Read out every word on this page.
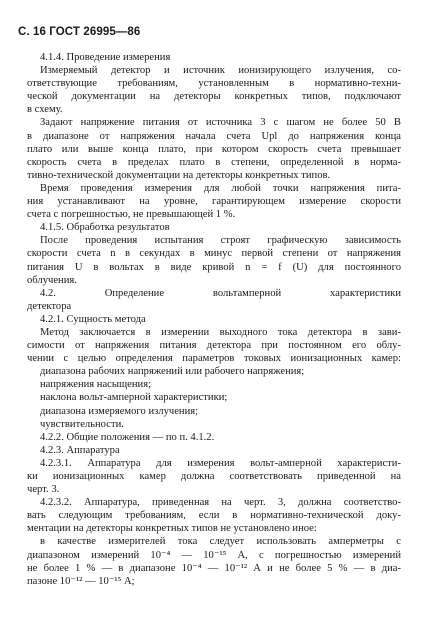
С. 16 ГОСТ 26995—86
4.1.4. Проведение измерения
Измеряемый детектор и источник ионизирующего излучения, со-
ответствующие требованиям, установленным в нормативно-техни-
ческой документации на детекторы конкретных типов, подключают
в схему.
Задают напряжение питания от источника 3 с шагом не более 50 В
в диапазоне от напряжения начала счета Upl до напряжения конца
плато или выше конца плато, при котором скорость счета превышает
скорость счета в пределах плато в степени, определенной в норма-
тивно-технической документации на детекторы конкретных типов.
Время проведения измерения для любой точки напряжения пита-
ния устанавливают на уровне, гарантирующем измерение скорости
счета с погрешностью, не превышающей 1 %.
4.1.5. Обработка результатов
После проведения испытания строят графическую зависимость
скорости счета n в секундах в минус первой степени от напряжения
питания U в вольтах в виде кривой n = f (U) для постоянного
облучения.
4.2. Определение вольтамперной характеристики
детектора
4.2.1. Сущность метода
Метод заключается в измерении выходного тока детектора в зави-
симости от напряжения питания детектора при постоянном его облу-
чении с целью определения параметров токовых ионизационных камер:
диапазона рабочих напряжений или рабочего напряжения;
напряжения насыщения;
наклона вольт-амперной характеристики;
диапазона измеряемого излучения;
чувствительности.
4.2.2. Общие положения — по п. 4.1.2.
4.2.3. Аппаратура
4.2.3.1. Аппаратура для измерения вольт-амперной характеристи-
ки ионизационных камер должна соответствовать приведенной на
черт. 3.
4.2.3.2. Аппаратура, приведенная на черт. 3, должна соответство-
вать следующим требованиям, если в нормативно-технической доку-
ментации на детекторы конкретных типов не установлено иное:
в качестве измерителей тока следует использовать амперметры с
диапазоном измерений 10⁻⁴ — 10⁻¹⁵ А, с погрешностью измерений
не более 1 % — в диапазоне 10⁻⁴ — 10⁻¹² А и не более 5 % — в диа-
пазоне 10⁻¹² — 10⁻¹⁵ А;
